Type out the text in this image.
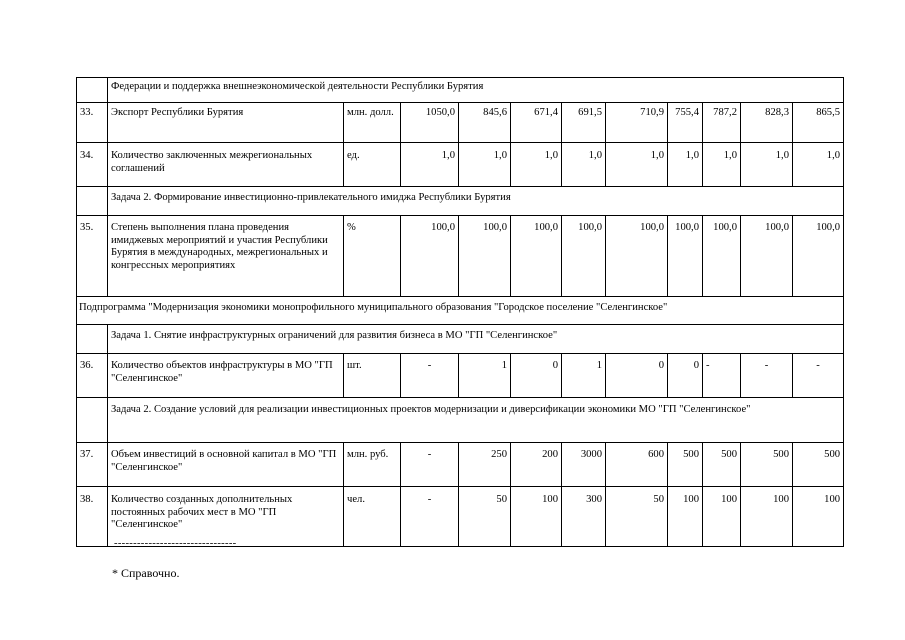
	Федерации и поддержка внешнеэкономической деятельности Республики Бурятия										
33.	Экспорт Республики Бурятия	млн. долл.	1050,0	845,6	671,4	691,5	710,9	755,4	787,2	828,3	865,5
34.	Количество заключенных межрегиональных соглашений	ед.	1,0	1,0	1,0	1,0	1,0	1,0	1,0	1,0	1,0
	Задача 2. Формирование инвестиционно-привлекательного имиджа Республики Бурятия										
35.	Степень выполнения плана проведения имиджевых мероприятий и участия Республики Бурятия в международных, межрегиональных и конгрессных мероприятиях	%	100,0	100,0	100,0	100,0	100,0	100,0	100,0	100,0	100,0
Подпрограмма "Модернизация экономики монопрофильного муниципального образования "Городское поселение "Селенгинское"											
	Задача 1. Снятие инфраструктурных ограничений для развития бизнеса в МО "ГП "Селенгинское"										
36.	Количество объектов инфраструктуры в МО "ГП "Селенгинское"	шт.	-	1	0	1	0	0	-	-	-
	Задача 2. Создание условий для реализации инвестиционных проектов модернизации и диверсификации экономики МО "ГП "Селенгинское"										
37.	Объем инвестиций в основной капитал в МО "ГП "Селенгинское"	млн. руб.	-	250	200	3000	600	500	500	500	500
38.	Количество созданных дополнительных постоянных рабочих мест в МО "ГП "Селенгинское"	чел.	-	50	100	300	50	100	100	100	100
--------------------------------
* Справочно.
